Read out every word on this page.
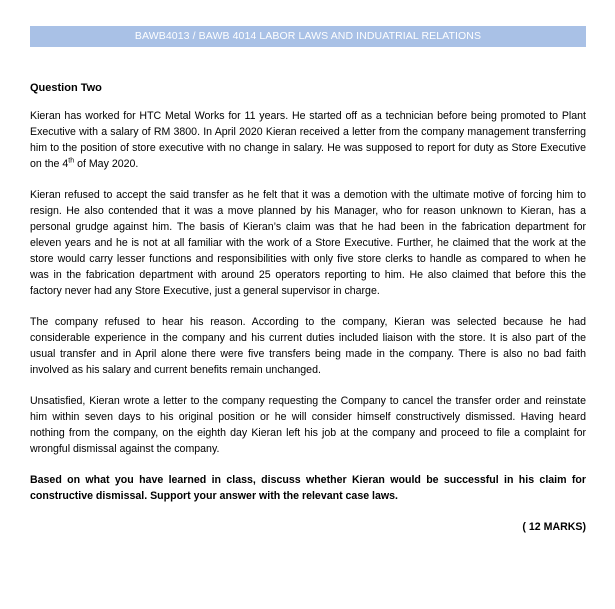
BAWB4013 / BAWB 4014 LABOR LAWS AND INDUATRIAL RELATIONS
Question Two

Kieran has worked for HTC Metal Works for 11 years. He started off as a technician before being promoted to Plant Executive with a salary of RM 3800. In April 2020 Kieran received a letter from the company management transferring him to the position of store executive with no change in salary. He was supposed to report for duty as Store Executive on the 4th of May 2020.

Kieran refused to accept the said transfer as he felt that it was a demotion with the ultimate motive of forcing him to resign. He also contended that it was a move planned by his Manager, who for reason unknown to Kieran, has a personal grudge against him. The basis of Kieran’s claim was that he had been in the fabrication department for eleven years and he is not at all familiar with the work of a Store Executive. Further, he claimed that the work at the store would carry lesser functions and responsibilities with only five store clerks to handle as compared to when he was in the fabrication department with around 25 operators reporting to him. He also claimed that before this the factory never had any Store Executive, just a general supervisor in charge.

The company refused to hear his reason. According to the company, Kieran was selected because he had considerable experience in the company and his current duties included liaison with the store. It is also part of the usual transfer and in April alone there were five transfers being made in the company. There is also no bad faith involved as his salary and current benefits remain unchanged.

Unsatisfied, Kieran wrote a letter to the company requesting the Company to cancel the transfer order and reinstate him within seven days to his original position or he will consider himself constructively dismissed. Having heard nothing from the company, on the eighth day Kieran left his job at the company and proceed to file a complaint for wrongful dismissal against the company.

Based on what you have learned in class, discuss whether Kieran would be successful in his claim for constructive dismissal. Support your answer with the relevant case laws.

( 12 MARKS)
